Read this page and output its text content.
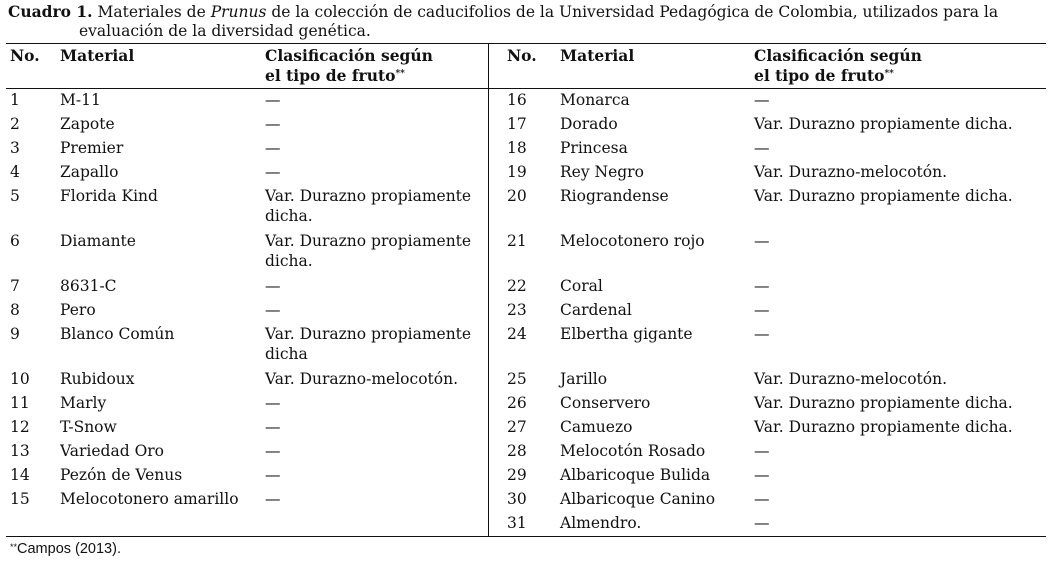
Cuadro 1. Materiales de Prunus de la colección de caducifolios de la Universidad Pedagógica de Colombia, utilizados para la
evaluación de la diversidad genética.
No. Material	Clasificación según
el tipo de fruto**
No. Material	Clasificación según
el tipo de fruto**
1	M-11	—
2	Zapote	—
3	Premier	—
4	Zapallo	—
5	Florida Kind	Var. Durazno propiamente dicha.
6	Diamante	Var. Durazno propiamente dicha.
7	8631-C	—
8	Pero	—
9	Blanco Común	Var. Durazno propiamente dicha
10 Rubidoux	Var. Durazno-melocotón.
11 Marly	—
12 T-Snow	—
13 Variedad Oro	—
14 Pezón de Venus	—
15 Melocotonero amarillo —
16 Monarca	—
17 Dorado	Var. Durazno propiamente dicha.
18 Princesa	—
19 Rey Negro	Var. Durazno-melocotón.
20 Riograndense	Var. Durazno propiamente dicha.
21 Melocotonero rojo	—
22 Coral	—
23 Cardenal	—
24 Elbertha gigante	—
25 Jarillo	Var. Durazno-melocotón.
26 Conservero	Var. Durazno propiamente dicha.
27 Camuezo	Var. Durazno propiamente dicha.
28 Melocotón Rosado	—
29 Albaricoque Bulida	—
30 Albaricoque Canino	—
31 Almendro.	—
**Campos (2013).
